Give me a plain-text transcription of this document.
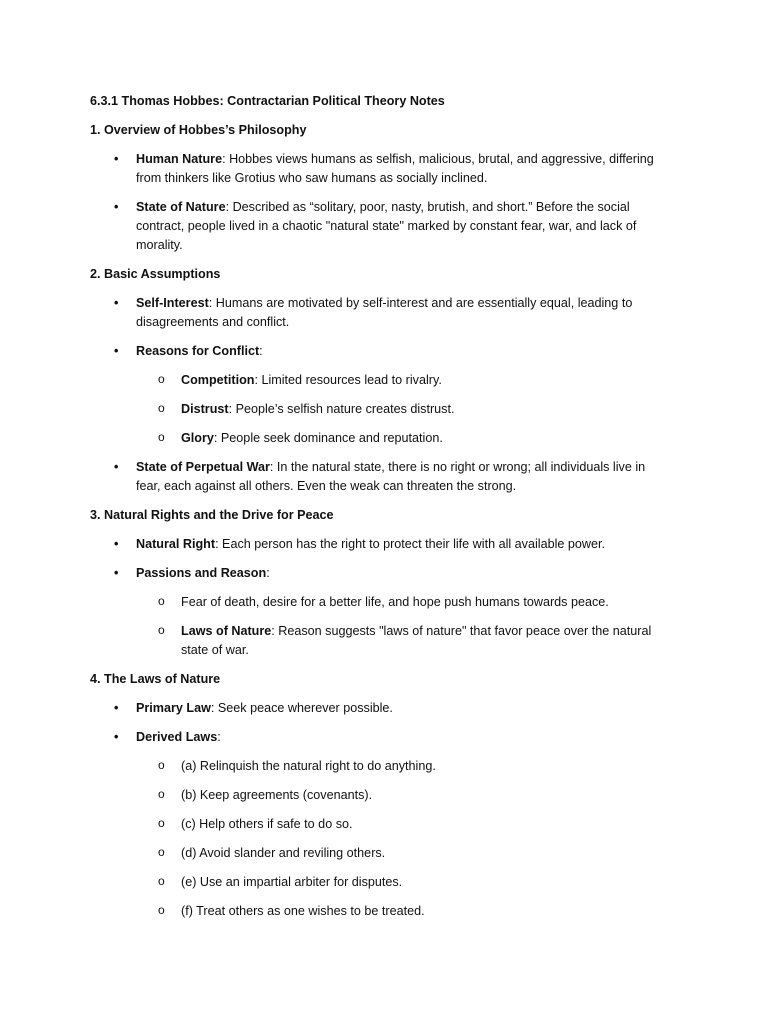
6.3.1 Thomas Hobbes: Contractarian Political Theory Notes
1. Overview of Hobbes’s Philosophy
• Human Nature: Hobbes views humans as selfish, malicious, brutal, and aggressive, differing from thinkers like Grotius who saw humans as socially inclined.
• State of Nature: Described as “solitary, poor, nasty, brutish, and short.” Before the social contract, people lived in a chaotic "natural state" marked by constant fear, war, and lack of morality.
2. Basic Assumptions
• Self-Interest: Humans are motivated by self-interest and are essentially equal, leading to disagreements and conflict.
• Reasons for Conflict:
o Competition: Limited resources lead to rivalry.
o Distrust: People’s selfish nature creates distrust.
o Glory: People seek dominance and reputation.
• State of Perpetual War: In the natural state, there is no right or wrong; all individuals live in fear, each against all others. Even the weak can threaten the strong.
3. Natural Rights and the Drive for Peace
• Natural Right: Each person has the right to protect their life with all available power.
• Passions and Reason:
o Fear of death, desire for a better life, and hope push humans towards peace.
o Laws of Nature: Reason suggests "laws of nature" that favor peace over the natural state of war.
4. The Laws of Nature
• Primary Law: Seek peace wherever possible.
• Derived Laws:
o (a) Relinquish the natural right to do anything.
o (b) Keep agreements (covenants).
o (c) Help others if safe to do so.
o (d) Avoid slander and reviling others.
o (e) Use an impartial arbiter for disputes.
o (f) Treat others as one wishes to be treated.
